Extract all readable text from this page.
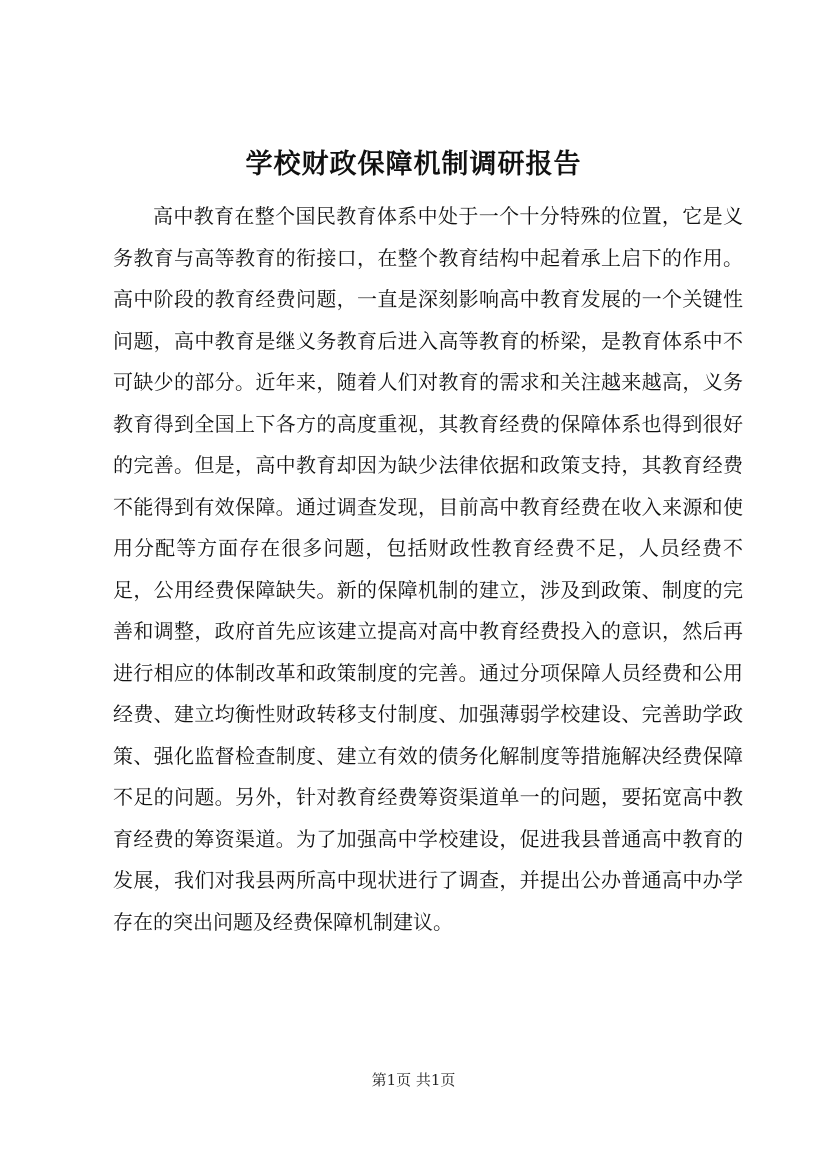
学校财政保障机制调研报告

高中教育在整个国民教育体系中处于一个十分特殊的位置，它是义务教育与高等教育的衔接口，在整个教育结构中起着承上启下的作用。高中阶段的教育经费问题，一直是深刻影响高中教育发展的一个关键性问题，高中教育是继义务教育后进入高等教育的桥梁，是教育体系中不可缺少的部分。近年来，随着人们对教育的需求和关注越来越高，义务教育得到全国上下各方的高度重视，其教育经费的保障体系也得到很好的完善。但是，高中教育却因为缺少法律依据和政策支持，其教育经费不能得到有效保障。通过调查发现，目前高中教育经费在收入来源和使用分配等方面存在很多问题，包括财政性教育经费不足，人员经费不足，公用经费保障缺失。新的保障机制的建立，涉及到政策、制度的完善和调整，政府首先应该建立提高对高中教育经费投入的意识，然后再进行相应的体制改革和政策制度的完善。通过分项保障人员经费和公用经费、建立均衡性财政转移支付制度、加强薄弱学校建设、完善助学政策、强化监督检查制度、建立有效的债务化解制度等措施解决经费保障不足的问题。另外，针对教育经费筹资渠道单一的问题，要拓宽高中教育经费的筹资渠道。为了加强高中学校建设，促进我县普通高中教育的发展，我们对我县两所高中现状进行了调查，并提出公办普通高中办学存在的突出问题及经费保障机制建议。

第1页 共1页
